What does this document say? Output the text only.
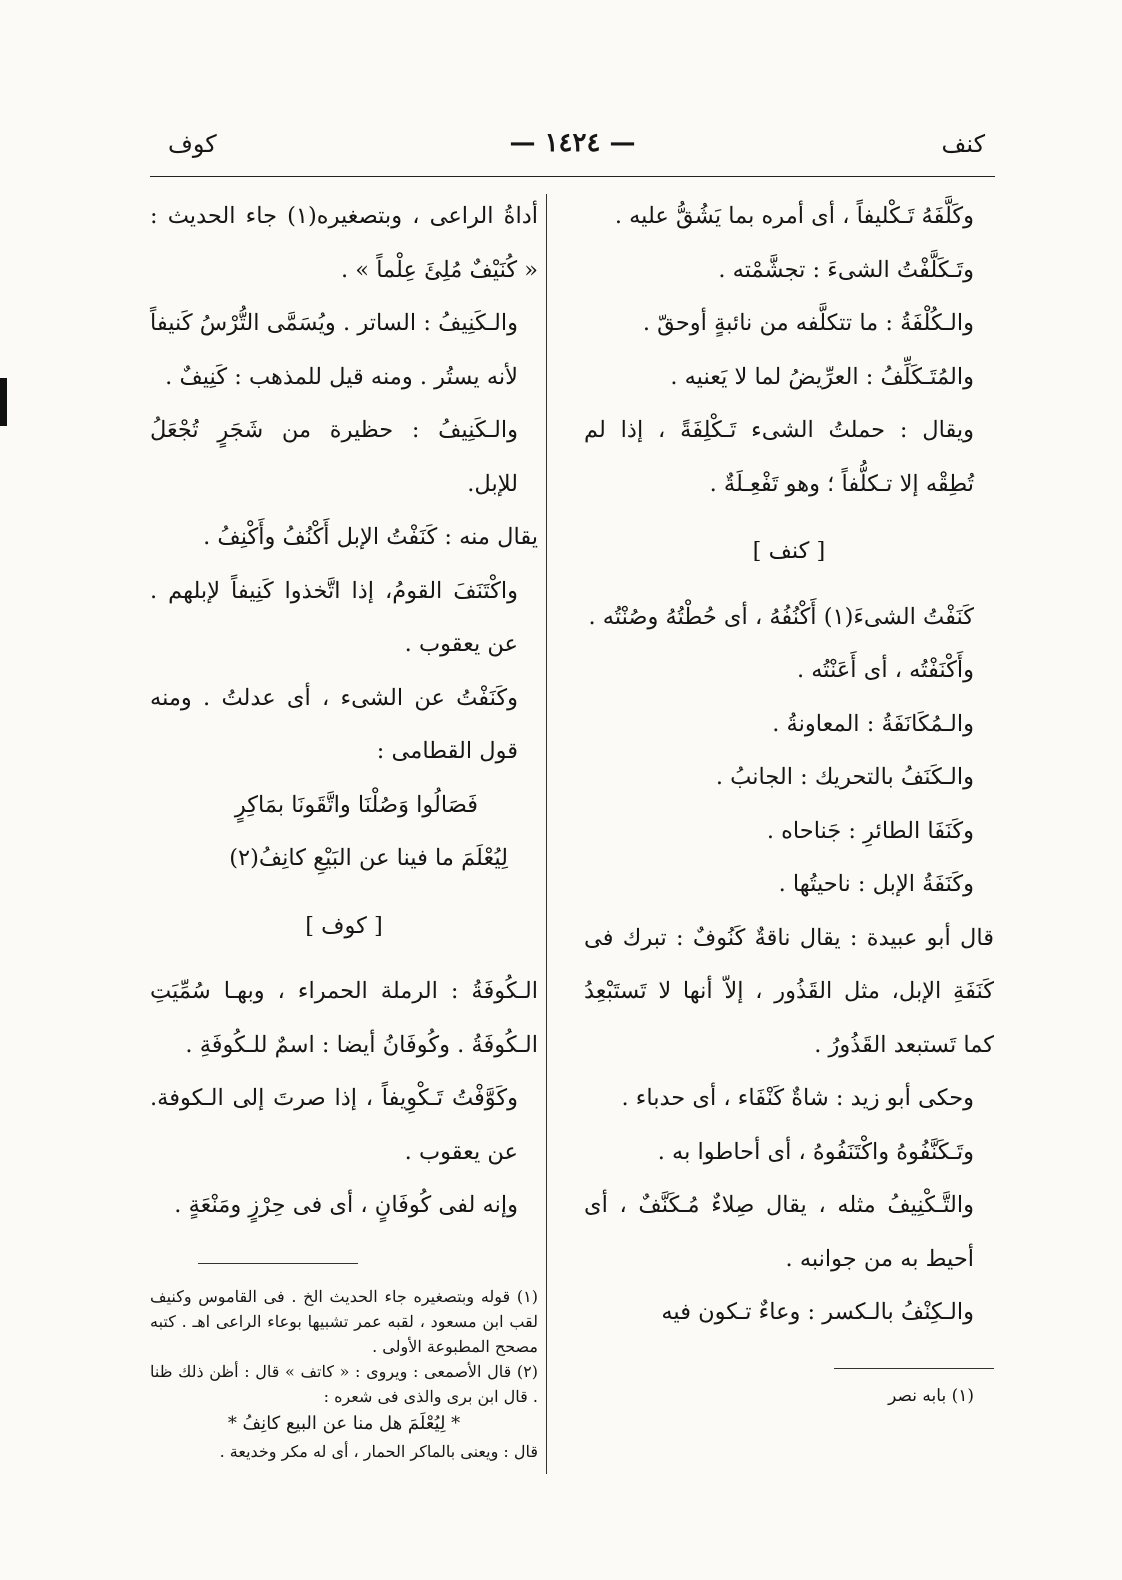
كنف
— ١٤٢٤ —
كوف

وكَلَّفَهُ تَـكْليفاً ، أى أمره بما يَشُقُّ عليه .

وتَـكَلَّفْتُ الشىءَ : تجشَّمْته .

والـكُلْفَةُ : ما تتكلَّفه من نائبةٍ أوحقّ .

والمُتَـكَلِّفُ : العرِّيضُ لما لا يَعنيه .

ويقال : حملتُ الشىء تَـكْلِفَةً ، إذا لم تُطِقْه إلا تـكلُّفاً ؛ وهو تَفْعِـلَةٌ .

[ كنف ]

كَنَفْتُ الشىءَ(١) أَكْنُفُهُ ، أى حُطْتُهُ وصُنْتُه .

وأَكْنَفْتُه ، أى أَعَنْتُه .

والـمُكَانَفَةُ : المعاونةُ .

والـكَنَفُ بالتحريك : الجانبُ .

وكَنَفَا الطائرِ : جَناحاه .

وكَنَفَةُ الإبل : ناحيتُها .

قال أبو عبيدة : يقال ناقةٌ كَنُوفٌ : تبرك فى كَنَفَةِ الإبل، مثل القَذُور ، إلاّ أنها لا تَستَبْعِدُ كما تَستبعد القَذُورُ .

وحكى أبو زيد : شاةٌ كَنْفَاء ، أى حدباء .

وتَـكَنَّفُوهُ واكْتَنَفُوهُ ، أى أحاطوا به .

والتَّـكْنِيفُ مثله ، يقال صِلاءٌ مُـكَنَّفٌ ، أى أحيط به من جوانبه .

والـكِنْفُ بالـكسر : وعاءٌ تـكون فيه

(١) بابه نصر

أداةُ الراعى ، وبتصغيره(١) جاء الحديث : « كُنَيْفٌ مُلِئَ عِلْماً » .

والـكَنِيفُ : الساتر . ويُسَمَّى التُّرْسُ كَنيفاً لأنه يستُر . ومنه قيل للمذهب : كَنِيفٌ .

والـكَنِيفُ : حظيرة من شَجَرٍ تُجْعَلُ للإبل.

يقال منه : كَنَفْتُ الإبل أَكْنُفُ وأَكْنِفُ .

واكْتَنَفَ القومُ، إذا اتَّخذوا كَنِيفاً لإبلهم . عن يعقوب .

وكَنَفْتُ عن الشىء ، أى عدلتُ . ومنه قول القطامى :

فَصَالُوا وَصُلْنَا واتَّقَونَا بمَاكِرٍ

لِيُعْلَمَ ما فينا عن البَيْعِ كانِفُ(٢)

[ كوف ]

الـكُوفَةُ : الرملة الحمراء ، وبهـا سُمِّيَتِ الـكُوفَةُ . وكُوفَانُ أيضا : اسمٌ للـكُوفَةِ .

وكَوَّفْتُ تَـكْوِيفاً ، إذا صرتَ إلى الـكوفة. عن يعقوب .

وإنه لفى كُوفَانٍ ، أى فى حِرْزٍ ومَنْعَةٍ .

(١) قوله وبتصغيره جاء الحديث الخ . فى القاموس وكنيف لقب ابن مسعود ، لقبه عمر تشبيها بوعاء الراعى اهـ . كتبه مصحح المطبوعة الأولى .

(٢) قال الأصمعى : ويروى : « كاتف » قال : أظن ذلك ظنا . قال ابن برى والذى فى شعره :

* لِيُعْلَمَ هل منا عن البيع كانِفُ *

قال : ويعنى بالماكر الحمار ، أى له مكر وخديعة .
